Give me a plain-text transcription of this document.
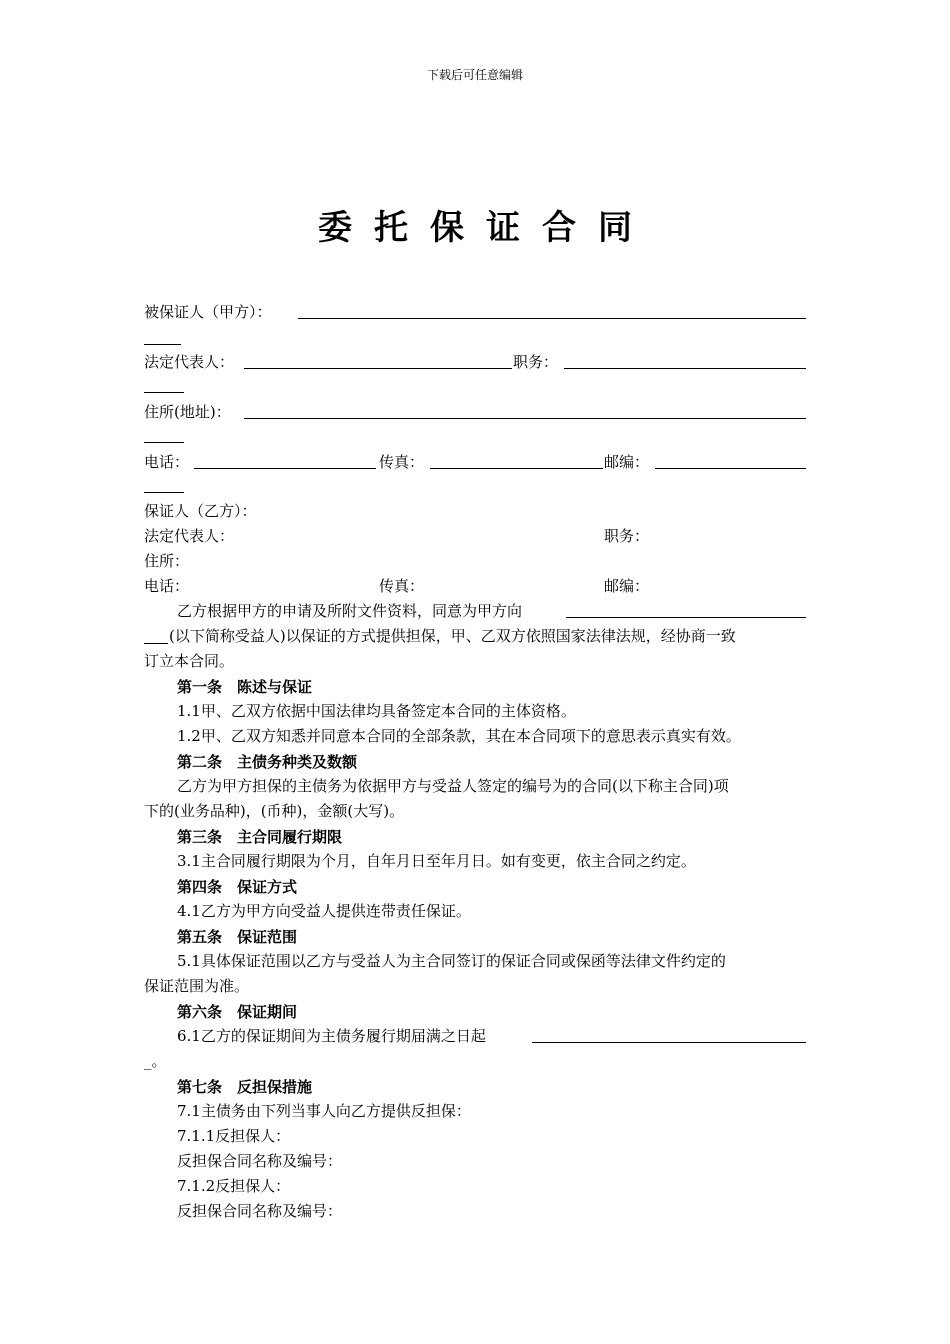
下载后可任意编辑
委托保证合同
被保证人（甲方）：
法定代表人：	职务：
住所(地址)：
电话：	传真：	邮编：
保证人（乙方）：
法定代表人：	职务：
住所：
电话：	传真：	邮编：
乙方根据甲方的申请及所附文件资料，同意为甲方向
(以下简称受益人)以保证的方式提供担保，甲、乙双方依照国家法律法规，经协商一致
订立本合同。
第一条　陈述与保证
1.1甲、乙双方依据中国法律均具备签定本合同的主体资格。
1.2甲、乙双方知悉并同意本合同的全部条款，其在本合同项下的意思表示真实有效。
第二条　主债务种类及数额
乙方为甲方担保的主债务为依据甲方与受益人签定的编号为的合同(以下称主合同)项
下的(业务品种)，(币种)，金额(大写)。
第三条　主合同履行期限
3.1主合同履行期限为个月，自年月日至年月日。如有变更，依主合同之约定。
第四条　保证方式
4.1乙方为甲方向受益人提供连带责任保证。
第五条　保证范围
5.1具体保证范围以乙方与受益人为主合同签订的保证合同或保函等法律文件约定的
保证范围为准。
第六条　保证期间
6.1乙方的保证期间为主债务履行期届满之日起
_。
第七条　反担保措施
7.1主债务由下列当事人向乙方提供反担保：
7.1.1反担保人：
反担保合同名称及编号：
7.1.2反担保人：
反担保合同名称及编号：
